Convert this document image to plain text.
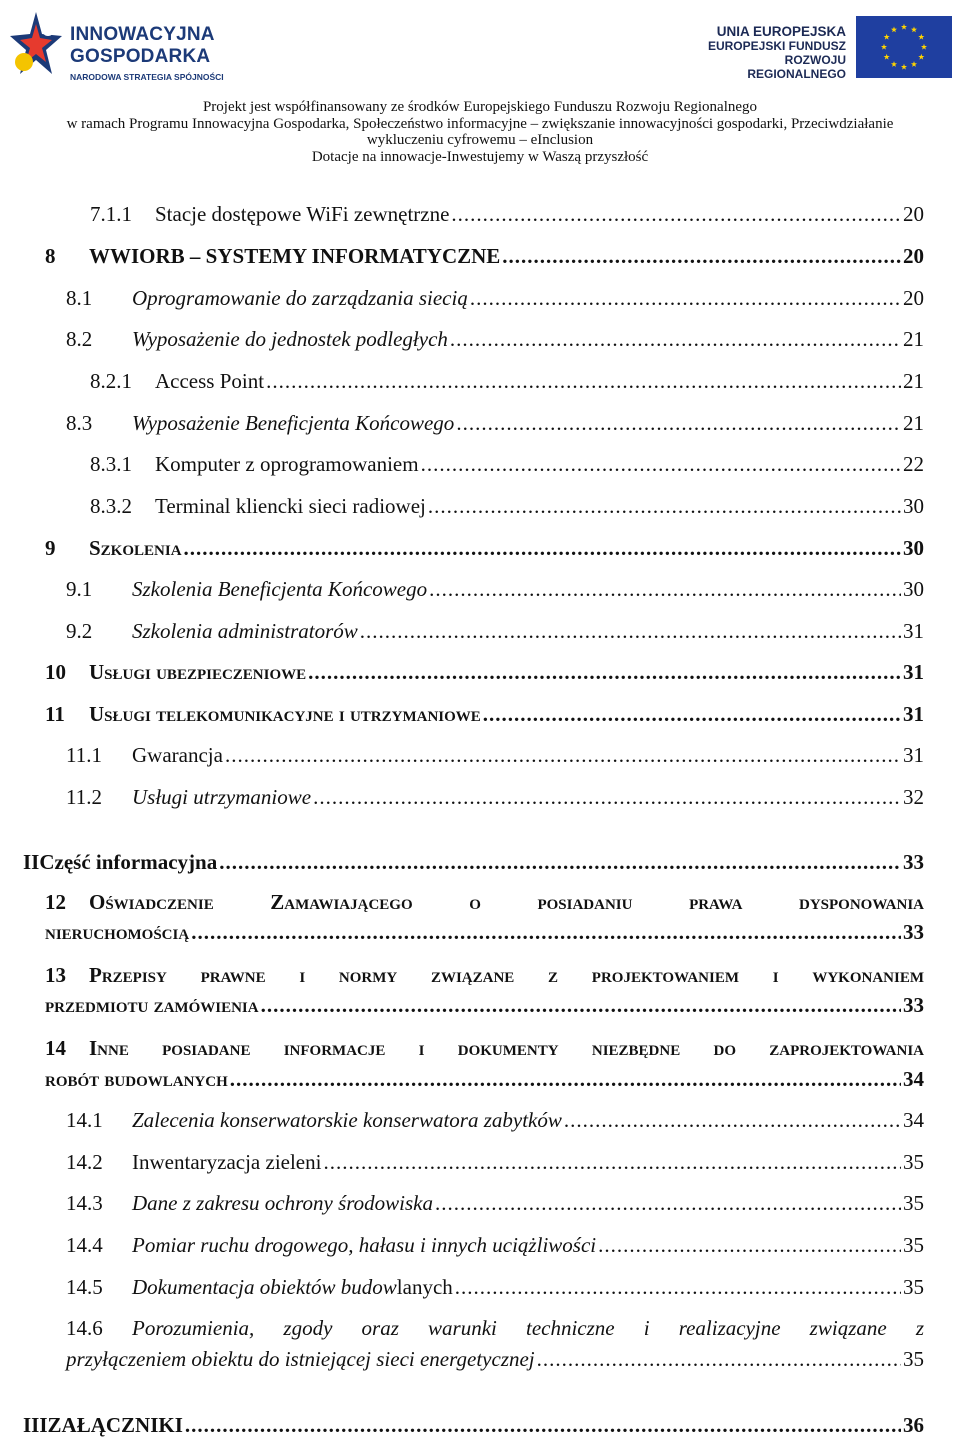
INNOWACYJNA
GOSPODARKA
NARODOWA STRATEGIA SPÓJNOŚCI
UNIA EUROPEJSKA
EUROPEJSKI FUNDUSZ
ROZWOJU REGIONALNEGO
Projekt jest współfinansowany ze środków Europejskiego Funduszu Rozwoju Regionalnego
w ramach Programu Innowacyjna Gospodarka, Społeczeństwo informacyjne – zwiększanie innowacyjności gospodarki, Przeciwdziałanie
wykluczeniu cyfrowemu – eInclusion
Dotacje na innowacje-Inwestujemy w Waszą przyszłość
7.1.1	Stacje dostępowe WiFi zewnętrzne .....	20
8	WWIORB – SYSTEMY INFORMATYCZNE .....	20
8.1	Oprogramowanie do zarządzania siecią .....	20
8.2	Wyposażenie do jednostek podległych .....	21
8.2.1	Access Point .....	21
8.3	Wyposażenie Beneficjenta Końcowego .....	21
8.3.1	Komputer z oprogramowaniem .....	22
8.3.2	Terminal kliencki sieci radiowej .....	30
9	Szkolenia .....	30
9.1	Szkolenia Beneficjenta Końcowego .....	30
9.2	Szkolenia administratorów .....	31
10	Usługi ubezpieczeniowe .....	31
11	Usługi telekomunikacyjne i utrzymaniowe .....	31
11.1	Gwarancja .....	31
11.2	Usługi utrzymaniowe .....	32
II Część informacyjna .....	33
12	Oświadczenie Zamawiającego o posiadaniu prawa dysponowania
nieruchomością .....	33
13	Przepisy prawne i normy związane z projektowaniem i wykonaniem
przedmiotu zamówienia .....	33
14	Inne posiadane informacje i dokumenty niezbędne do zaprojektowania
robót budowlanych .....	34
14.1	Zalecenia konserwatorskie konserwatora zabytków .....	34
14.2	Inwentaryzacja zieleni .....	35
14.3	Dane z zakresu ochrony środowiska .....	35
14.4	Pomiar ruchu drogowego, hałasu i innych uciążliwości .....	35
14.5	Dokumentacja obiektów budowlanych .....	35
14.6	Porozumienia, zgody oraz warunki techniczne i realizacyjne związane z
przyłączeniem obiektu do istniejącej sieci energetycznej .....	35
III ZAŁĄCZNIKI .....	36
